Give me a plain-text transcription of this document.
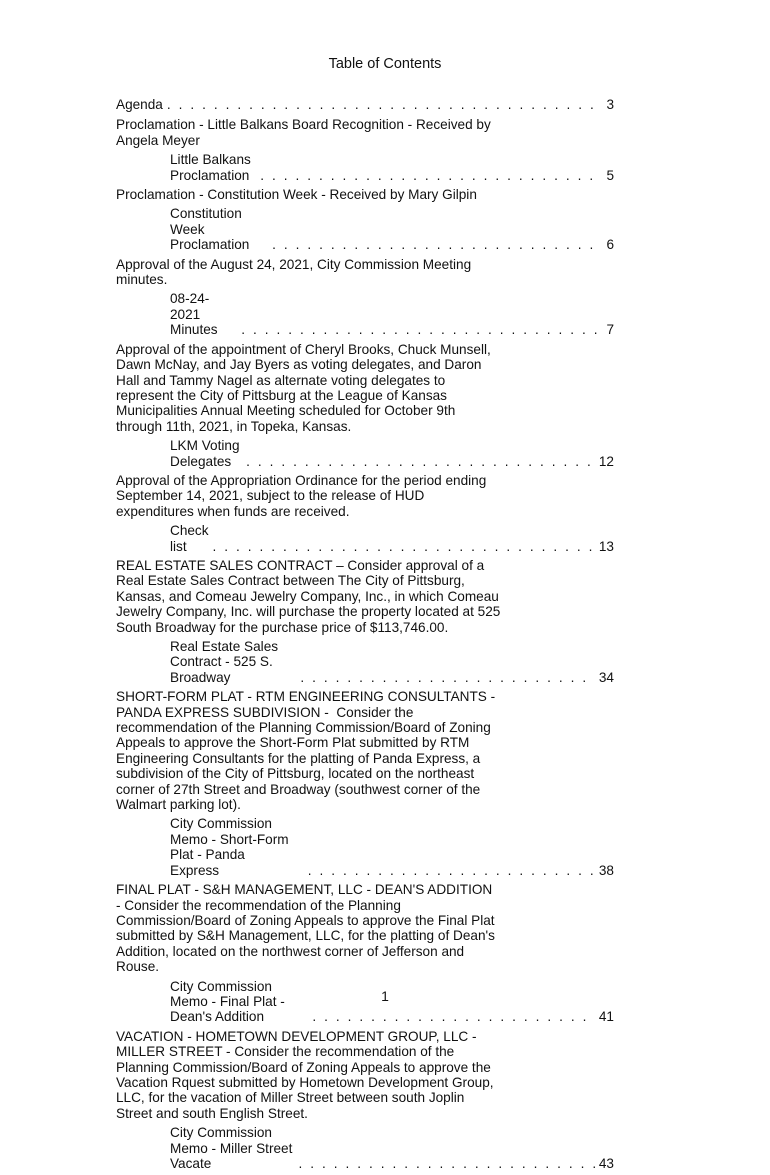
Table of Contents
Agenda . . .	3
Proclamation - Little Balkans Board Recognition - Received by
Angela Meyer
Little Balkans Proclamation . . .	5
Proclamation - Constitution Week - Received by Mary Gilpin
Constitution Week Proclamation . . .	6
Approval of the August 24, 2021, City Commission Meeting
minutes.
08-24-2021 Minutes . . .	7
Approval of the appointment of Cheryl Brooks, Chuck Munsell,
Dawn McNay, and Jay Byers as voting delegates, and Daron
Hall and Tammy Nagel as alternate voting delegates to
represent the City of Pittsburg at the League of Kansas
Municipalities Annual Meeting scheduled for October 9th
through 11th, 2021, in Topeka, Kansas.
LKM Voting Delegates . . .	12
Approval of the Appropriation Ordinance for the period ending
September 14, 2021, subject to the release of HUD
expenditures when funds are received.
Check list . . .	13
REAL ESTATE SALES CONTRACT – Consider approval of a
Real Estate Sales Contract between The City of Pittsburg,
Kansas, and Comeau Jewelry Company, Inc., in which Comeau
Jewelry Company, Inc. will purchase the property located at 525
South Broadway for the purchase price of $113,746.00.
Real Estate Sales Contract - 525 S. Broadway . . .	34
SHORT-FORM PLAT - RTM ENGINEERING CONSULTANTS -
PANDA EXPRESS SUBDIVISION -  Consider the
recommendation of the Planning Commission/Board of Zoning
Appeals to approve the Short-Form Plat submitted by RTM
Engineering Consultants for the platting of Panda Express, a
subdivision of the City of Pittsburg, located on the northeast
corner of 27th Street and Broadway (southwest corner of the
Walmart parking lot).
City Commission Memo - Short-Form Plat - Panda
Express . . .	38
FINAL PLAT - S&H MANAGEMENT, LLC - DEAN'S ADDITION
- Consider the recommendation of the Planning
Commission/Board of Zoning Appeals to approve the Final Plat
submitted by S&H Management, LLC, for the platting of Dean's
Addition, located on the northwest corner of Jefferson and
Rouse.
City Commission Memo - Final Plat - Dean's Addition . . .	41
VACATION - HOMETOWN DEVELOPMENT GROUP, LLC -
MILLER STREET - Consider the recommendation of the
Planning Commission/Board of Zoning Appeals to approve the
Vacation Rquest submitted by Hometown Development Group,
LLC, for the vacation of Miller Street between south Joplin
Street and south English Street.
City Commission Memo - Miller Street Vacate . . .	43
1
